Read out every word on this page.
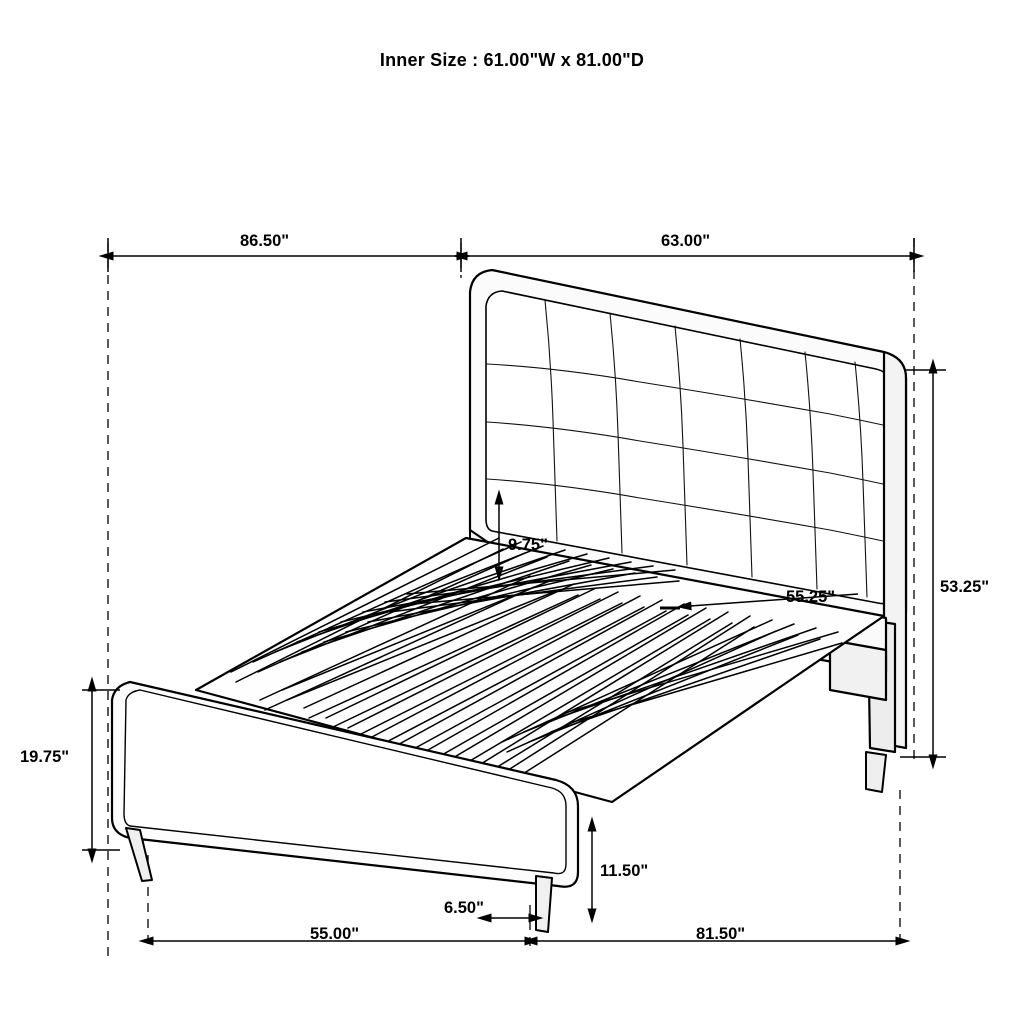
Inner Size : 61.00"W x 81.00"D
86.50"	63.00"
53.25"
9.75"
55.25"
19.75"
11.50"
6.50"
55.00"	81.50"
